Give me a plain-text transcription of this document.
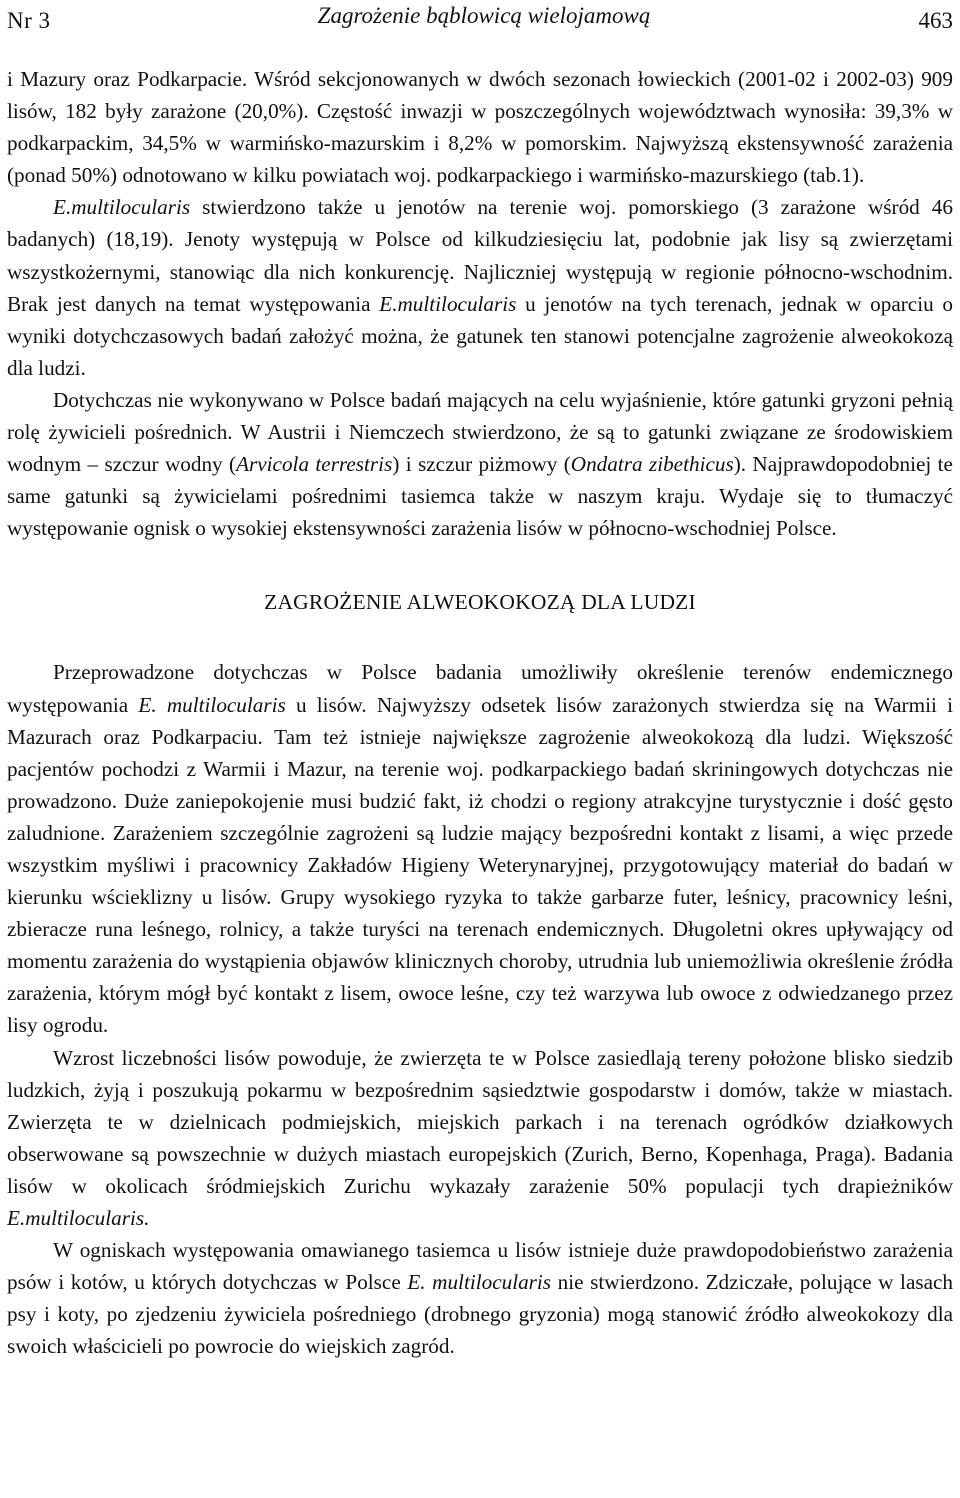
Nr 3	Zagrożenie bąblowicą wielojamową	463

i Mazury oraz Podkarpacie. Wśród sekcjonowanych w dwóch sezonach łowieckich (2001-02 i 2002-03) 909 lisów, 182 były zarażone (20,0%). Częstość inwazji w poszczególnych województwach wynosiła: 39,3% w podkarpackim, 34,5% w warmińsko-mazurskim i 8,2% w pomorskim. Najwyższą ekstensywność zarażenia (ponad 50%) odnotowano w kilku powiatach woj. podkarpackiego i warmińsko-mazurskiego (tab.1).

E.multilocularis stwierdzono także u jenotów na terenie woj. pomorskiego (3 zarażone wśród 46 badanych) (18,19). Jenoty występują w Polsce od kilkudziesięciu lat, podobnie jak lisy są zwierzętami wszystkożernymi, stanowiąc dla nich konkurencję. Najliczniej występują w regionie północno-wschodnim. Brak jest danych na temat występowania E.multilocularis u jenotów na tych terenach, jednak w oparciu o wyniki dotychczasowych badań założyć można, że gatunek ten stanowi potencjalne zagrożenie alweokokozą dla ludzi.

Dotychczas nie wykonywano w Polsce badań mających na celu wyjaśnienie, które gatunki gryzoni pełnią rolę żywicieli pośrednich. W Austrii i Niemczech stwierdzono, że są to gatunki związane ze środowiskiem wodnym – szczur wodny (Arvicola terrestris) i szczur piżmowy (Ondatra zibethicus). Najprawdopodobniej te same gatunki są żywicielami pośrednimi tasiemca także w naszym kraju. Wydaje się to tłumaczyć występowanie ognisk o wysokiej ekstensywności zarażenia lisów w północno-wschodniej Polsce.

ZAGROŻENIE ALWEOKOKOZĄ DLA LUDZI

Przeprowadzone dotychczas w Polsce badania umożliwiły określenie terenów endemicznego występowania E. multilocularis u lisów. Najwyższy odsetek lisów zarażonych stwierdza się na Warmii i Mazurach oraz Podkarpaciu. Tam też istnieje największe zagrożenie alweokokozą dla ludzi. Większość pacjentów pochodzi z Warmii i Mazur, na terenie woj. podkarpackiego badań skriningowych dotychczas nie prowadzono. Duże zaniepokojenie musi budzić fakt, iż chodzi o regiony atrakcyjne turystycznie i dość gęsto zaludnione. Zarażeniem szczególnie zagrożeni są ludzie mający bezpośredni kontakt z lisami, a więc przede wszystkim myśliwi i pracownicy Zakładów Higieny Weterynaryjnej, przygotowujący materiał do badań w kierunku wścieklizny u lisów. Grupy wysokiego ryzyka to także garbarze futer, leśnicy, pracownicy leśni, zbieracze runa leśnego, rolnicy, a także turyści na terenach endemicznych. Długoletni okres upływający od momentu zarażenia do wystąpienia objawów klinicznych choroby, utrudnia lub uniemożliwia określenie źródła zarażenia, którym mógł być kontakt z lisem, owoce leśne, czy też warzywa lub owoce z odwiedzanego przez lisy ogrodu.

Wzrost liczebności lisów powoduje, że zwierzęta te w Polsce zasiedlają tereny położone blisko siedzib ludzkich, żyją i poszukują pokarmu w bezpośrednim sąsiedztwie gospodarstw i domów, także w miastach. Zwierzęta te w dzielnicach podmiejskich, miejskich parkach i na terenach ogródków działkowych obserwowane są powszechnie w dużych miastach europejskich (Zurich, Berno, Kopenhaga, Praga). Badania lisów w okolicach śródmiejskich Zurichu wykazały zarażenie 50% populacji tych drapieżników E.multilocularis.

W ogniskach występowania omawianego tasiemca u lisów istnieje duże prawdopodobieństwo zarażenia psów i kotów, u których dotychczas w Polsce E. multilocularis nie stwierdzono. Zdziczałe, polujące w lasach psy i koty, po zjedzeniu żywiciela pośredniego (drobnego gryzonia) mogą stanowić źródło alweokokozy dla swoich właścicieli po powrocie do wiejskich zagród.
